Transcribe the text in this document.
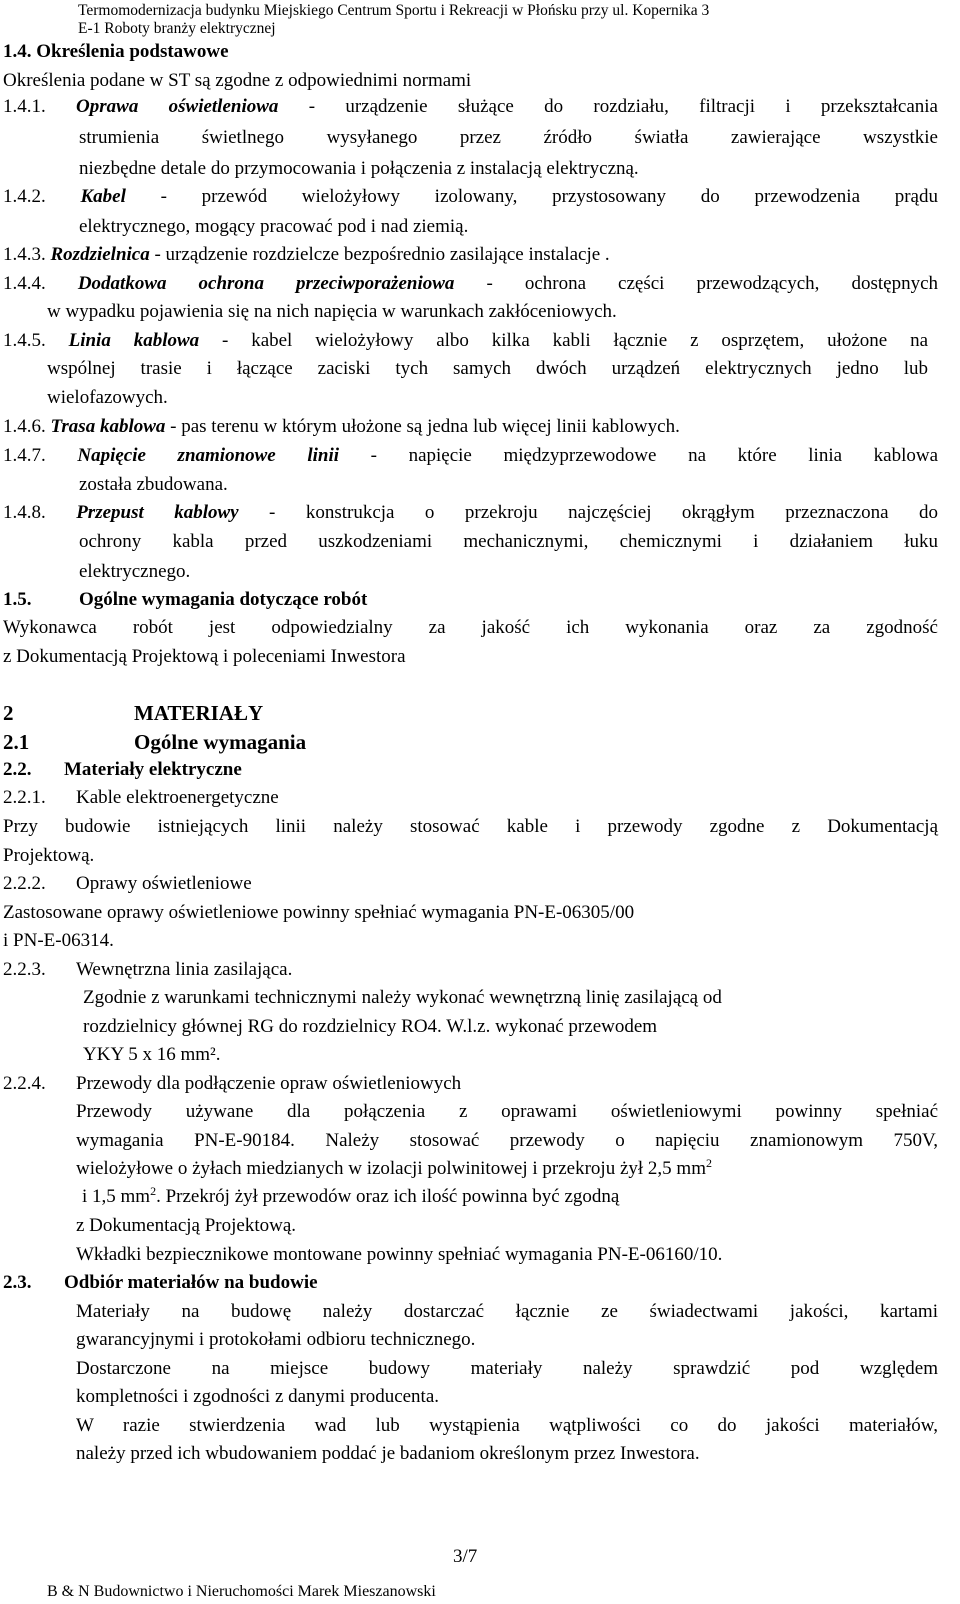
Termomodernizacja budynku Miejskiego Centrum Sportu i Rekreacji w Płońsku przy ul. Kopernika 3
E-1 Roboty branży elektrycznej
1.4. Określenia podstawowe
Określenia podane w ST są zgodne z odpowiednimi normami
1.4.1. Oprawa oświetleniowa - urządzenie służące do rozdziału, filtracji i przekształcania
strumienia świetlnego wysyłanego przez źródło światła zawierające wszystkie
niezbędne detale do przymocowania i połączenia z instalacją elektryczną.
1.4.2. Kabel - przewód wielożyłowy izolowany, przystosowany do przewodzenia prądu
elektrycznego, mogący pracować pod i nad ziemią.
1.4.3. Rozdzielnica - urządzenie rozdzielcze bezpośrednio zasilające instalacje .
1.4.4. Dodatkowa ochrona przeciwporażeniowa - ochrona części przewodzących, dostępnych
w wypadku pojawienia się na nich napięcia w warunkach zakłóceniowych.
1.4.5. Linia kablowa - kabel wielożyłowy albo kilka kabli łącznie z osprzętem, ułożone na
wspólnej trasie i łączące zaciski tych samych dwóch urządzeń elektrycznych jedno lub
wielofazowych.
1.4.6. Trasa kablowa - pas terenu w którym ułożone są jedna lub więcej linii kablowych.
1.4.7. Napięcie znamionowe linii - napięcie międzyprzewodowe na które linia kablowa
została zbudowana.
1.4.8. Przepust kablowy - konstrukcja o przekroju najczęściej okrągłym przeznaczona do
ochrony kabla przed uszkodzeniami mechanicznymi, chemicznymi i działaniem łuku
elektrycznego.
1.5.	Ogólne wymagania dotyczące robót
Wykonawca robót jest odpowiedzialny za jakość ich wykonania oraz za zgodność
z Dokumentacją Projektową i poleceniami Inwestora
2	MATERIAŁY
2.1	Ogólne wymagania
2.2. Materiały elektryczne
2.2.1. Kable elektroenergetyczne
Przy budowie istniejących linii należy stosować kable i przewody zgodne z Dokumentacją
Projektową.
2.2.2. Oprawy oświetleniowe
Zastosowane oprawy oświetleniowe powinny spełniać wymagania PN-E-06305/00
i PN-E-06314.
2.2.3. Wewnętrzna linia zasilająca.
Zgodnie z warunkami technicznymi należy wykonać wewnętrzną linię zasilającą od
rozdzielnicy głównej RG do rozdzielnicy RO4. W.l.z. wykonać przewodem
YKY 5 x 16 mm².
2.2.4. Przewody dla podłączenie opraw oświetleniowych
Przewody używane dla połączenia z oprawami oświetleniowymi powinny spełniać
wymagania PN-E-90184. Należy stosować przewody o napięciu znamionowym 750V,
wielożyłowe o żyłach miedzianych w izolacji polwinitowej i przekroju żył 2,5 $mm^2$
i 1,5 $mm^2$. Przekrój żył przewodów oraz ich ilość powinna być zgodną
z Dokumentacją Projektową.
Wkładki bezpiecznikowe montowane powinny spełniać wymagania PN-E-06160/10.
2.3. Odbiór materiałów na budowie
Materiały na budowę należy dostarczać łącznie ze świadectwami jakości, kartami
gwarancyjnymi i protokołami odbioru technicznego.
Dostarczone na miejsce budowy materiały należy sprawdzić pod względem
kompletności i zgodności z danymi producenta.
W razie stwierdzenia wad lub wystąpienia wątpliwości co do jakości materiałów,
należy przed ich wbudowaniem poddać je badaniom określonym przez Inwestora.
3/7
B & N Budownictwo i Nieruchomości Marek Mieszanowski
